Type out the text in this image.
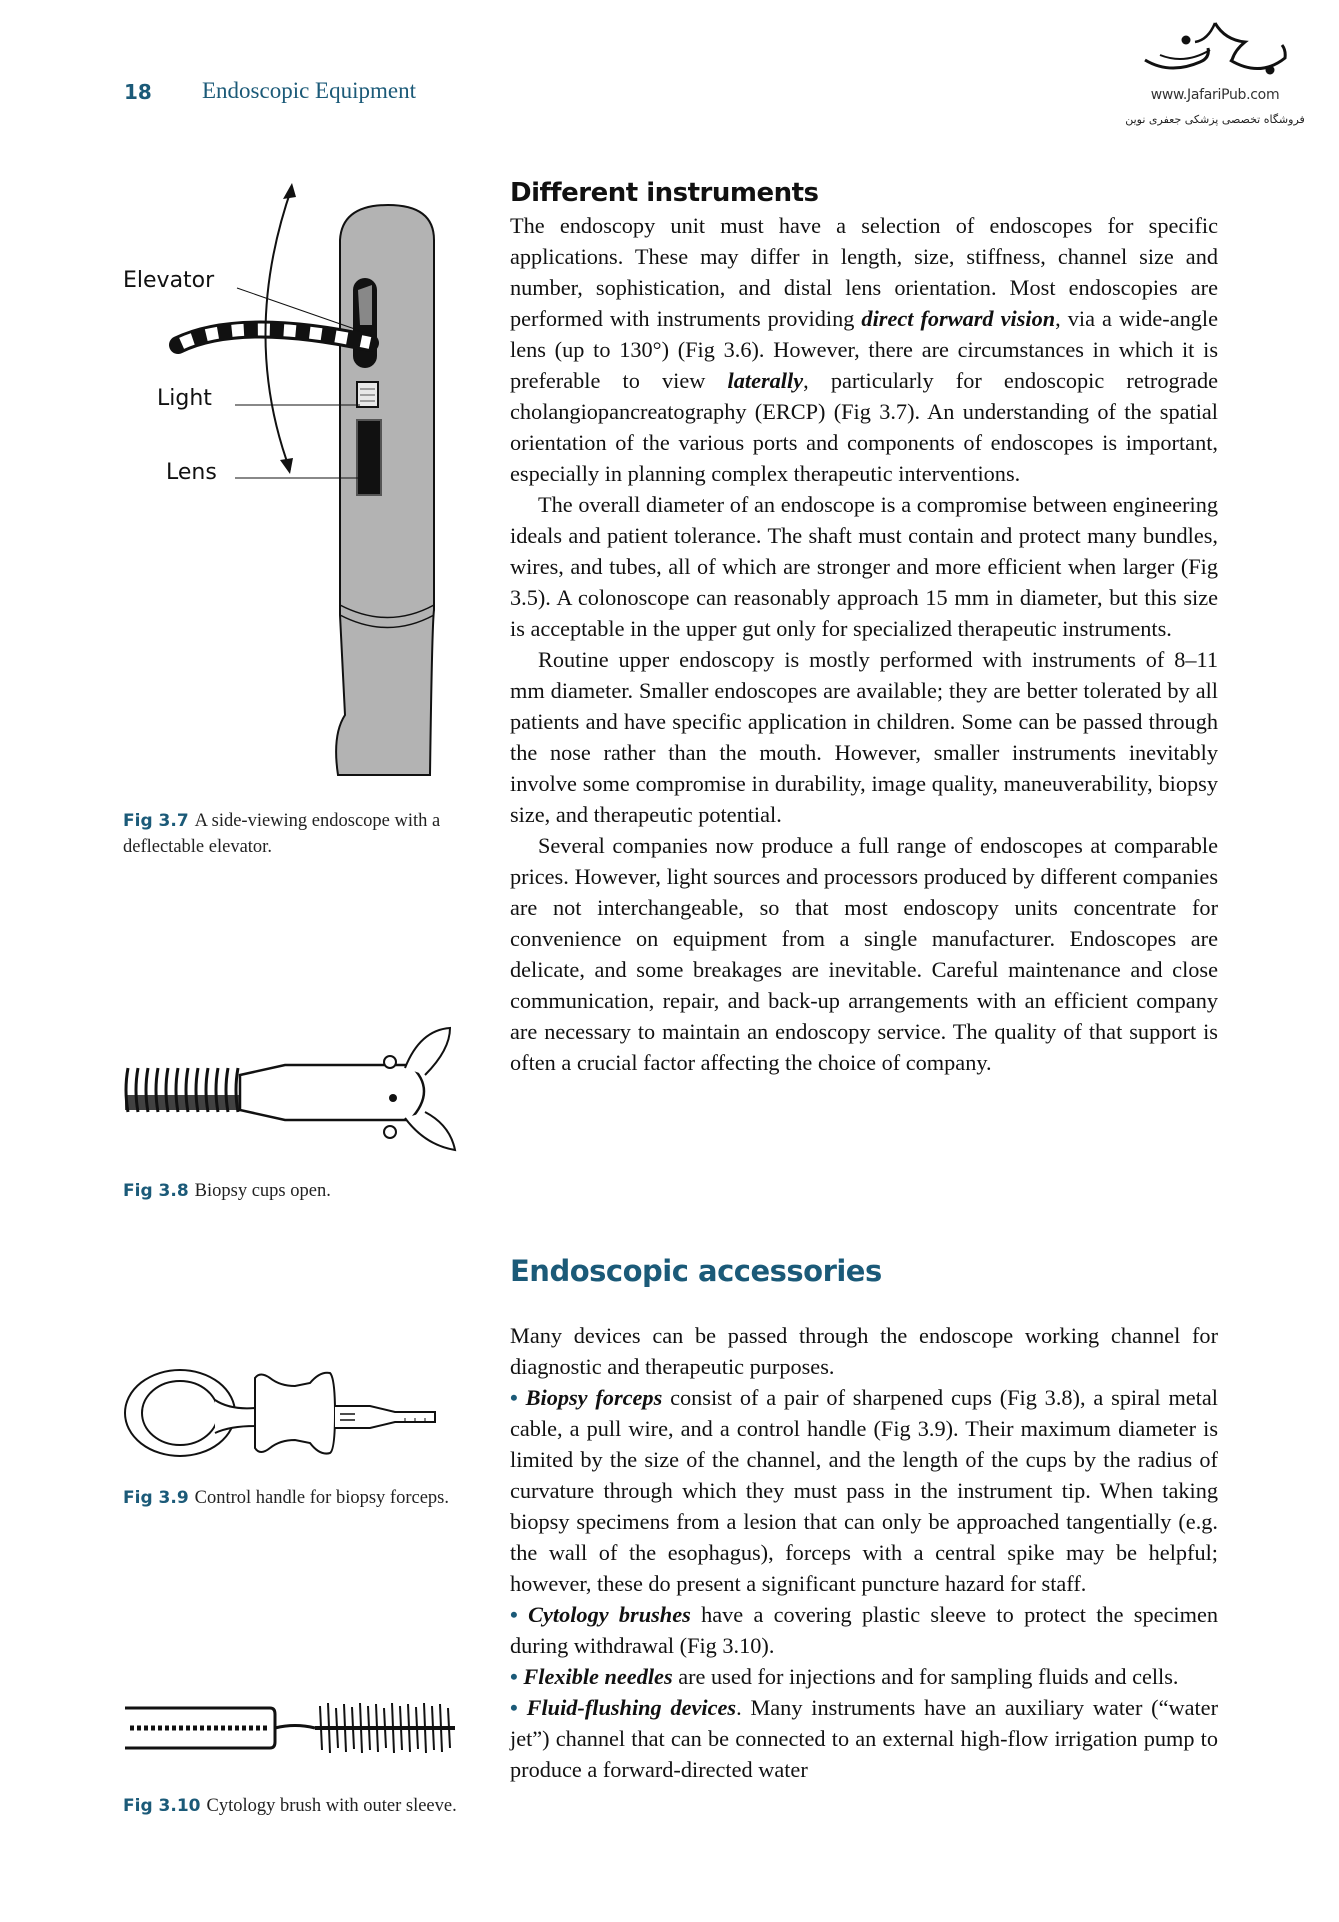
18 Endoscopic Equipment	www.JafariPub.com
فروشگاه تخصصی پزشکی جعفری نوین
Different instruments

The endoscopy unit must have a selection of endoscopes for specific applications. These may differ in length, size, stiffness, channel size and number, sophistication, and distal lens orientation. Most endoscopies are performed with instruments providing direct forward vision, via a wide-angle lens (up to 130°) (Fig 3.6). However, there are circumstances in which it is preferable to view laterally, particularly for endoscopic retrograde cholangiopancreatography (ERCP) (Fig 3.7). An understanding of the spatial orientation of the various ports and components of endoscopes is important, especially in planning complex therapeutic interventions.

The overall diameter of an endoscope is a compromise between engineering ideals and patient tolerance. The shaft must contain and protect many bundles, wires, and tubes, all of which are stronger and more efficient when larger (Fig 3.5). A colonoscope can reasonably approach 15 mm in diameter, but this size is acceptable in the upper gut only for specialized therapeutic instruments.

Routine upper endoscopy is mostly performed with instruments of 8–11 mm diameter. Smaller endoscopes are available; they are better tolerated by all patients and have specific application in children. Some can be passed through the nose rather than the mouth. However, smaller instruments inevitably involve some compromise in durability, image quality, maneuverability, biopsy size, and therapeutic potential.

Several companies now produce a full range of endoscopes at comparable prices. However, light sources and processors produced by different companies are not interchangeable, so that most endoscopy units concentrate for convenience on equipment from a single manufacturer. Endoscopes are delicate, and some breakages are inevitable. Careful maintenance and close communication, repair, and back-up arrangements with an efficient company are necessary to maintain an endoscopy service. The quality of that support is often a crucial factor affecting the choice of company.

Endoscopic accessories

Many devices can be passed through the endoscope working channel for diagnostic and therapeutic purposes.

• Biopsy forceps consist of a pair of sharpened cups (Fig 3.8), a spiral metal cable, a pull wire, and a control handle (Fig 3.9). Their maximum diameter is limited by the size of the channel, and the length of the cups by the radius of curvature through which they must pass in the instrument tip. When taking biopsy specimens from a lesion that can only be approached tangentially (e.g. the wall of the esophagus), forceps with a central spike may be helpful; however, these do present a significant puncture hazard for staff.

• Cytology brushes have a covering plastic sleeve to protect the specimen during withdrawal (Fig 3.10).

• Flexible needles are used for injections and for sampling fluids and cells.

• Fluid-flushing devices. Many instruments have an auxiliary water (“water jet”) channel that can be connected to an external high-flow irrigation pump to produce a forward-directed water

Elevator
Light
Lens
Fig 3.7 A side-viewing endoscope with a deflectable elevator.
Fig 3.8 Biopsy cups open.
Fig 3.9 Control handle for biopsy forceps.
Fig 3.10 Cytology brush with outer sleeve.
